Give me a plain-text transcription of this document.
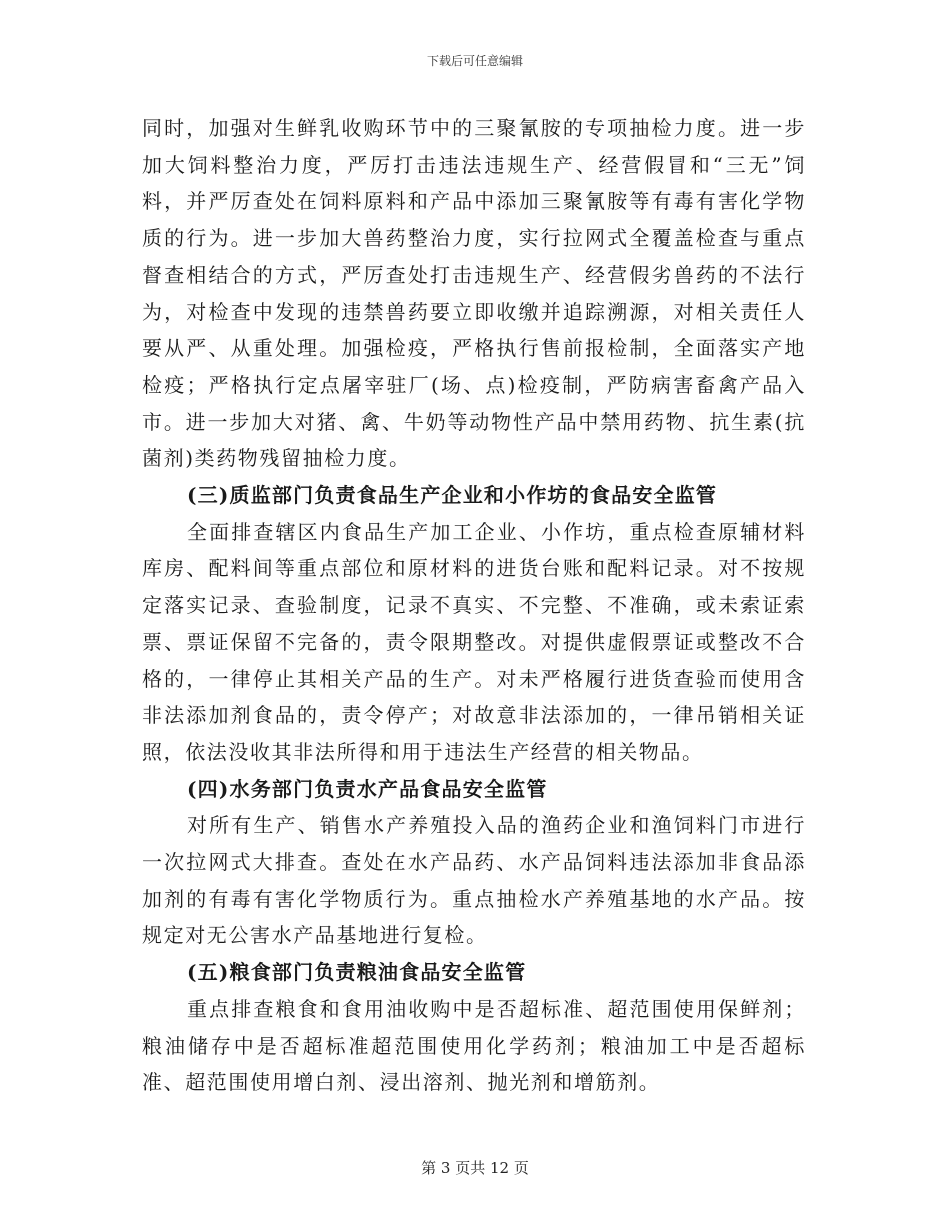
下载后可任意编辑

同时，加强对生鲜乳收购环节中的三聚氰胺的专项抽检力度。进一步加大饲料整治力度，严厉打击违法违规生产、经营假冒和“三无”饲料，并严厉查处在饲料原料和产品中添加三聚氰胺等有毒有害化学物质的行为。进一步加大兽药整治力度，实行拉网式全覆盖检查与重点督查相结合的方式，严厉查处打击违规生产、经营假劣兽药的不法行为，对检查中发现的违禁兽药要立即收缴并追踪溯源，对相关责任人要从严、从重处理。加强检疫，严格执行售前报检制，全面落实产地检疫；严格执行定点屠宰驻厂(场、点)检疫制，严防病害畜禽产品入市。进一步加大对猪、禽、牛奶等动物性产品中禁用药物、抗生素(抗菌剂)类药物残留抽检力度。

(三)质监部门负责食品生产企业和小作坊的食品安全监管

全面排查辖区内食品生产加工企业、小作坊，重点检查原辅材料库房、配料间等重点部位和原材料的进货台账和配料记录。对不按规定落实记录、查验制度，记录不真实、不完整、不准确，或未索证索票、票证保留不完备的，责令限期整改。对提供虚假票证或整改不合格的，一律停止其相关产品的生产。对未严格履行进货查验而使用含非法添加剂食品的，责令停产；对故意非法添加的，一律吊销相关证照，依法没收其非法所得和用于违法生产经营的相关物品。

(四)水务部门负责水产品食品安全监管

对所有生产、销售水产养殖投入品的渔药企业和渔饲料门市进行一次拉网式大排查。查处在水产品药、水产品饲料违法添加非食品添加剂的有毒有害化学物质行为。重点抽检水产养殖基地的水产品。按规定对无公害水产品基地进行复检。

(五)粮食部门负责粮油食品安全监管

重点排查粮食和食用油收购中是否超标准、超范围使用保鲜剂；粮油储存中是否超标准超范围使用化学药剂；粮油加工中是否超标准、超范围使用增白剂、浸出溶剂、抛光剂和增筋剂。

第 3 页共 12 页
